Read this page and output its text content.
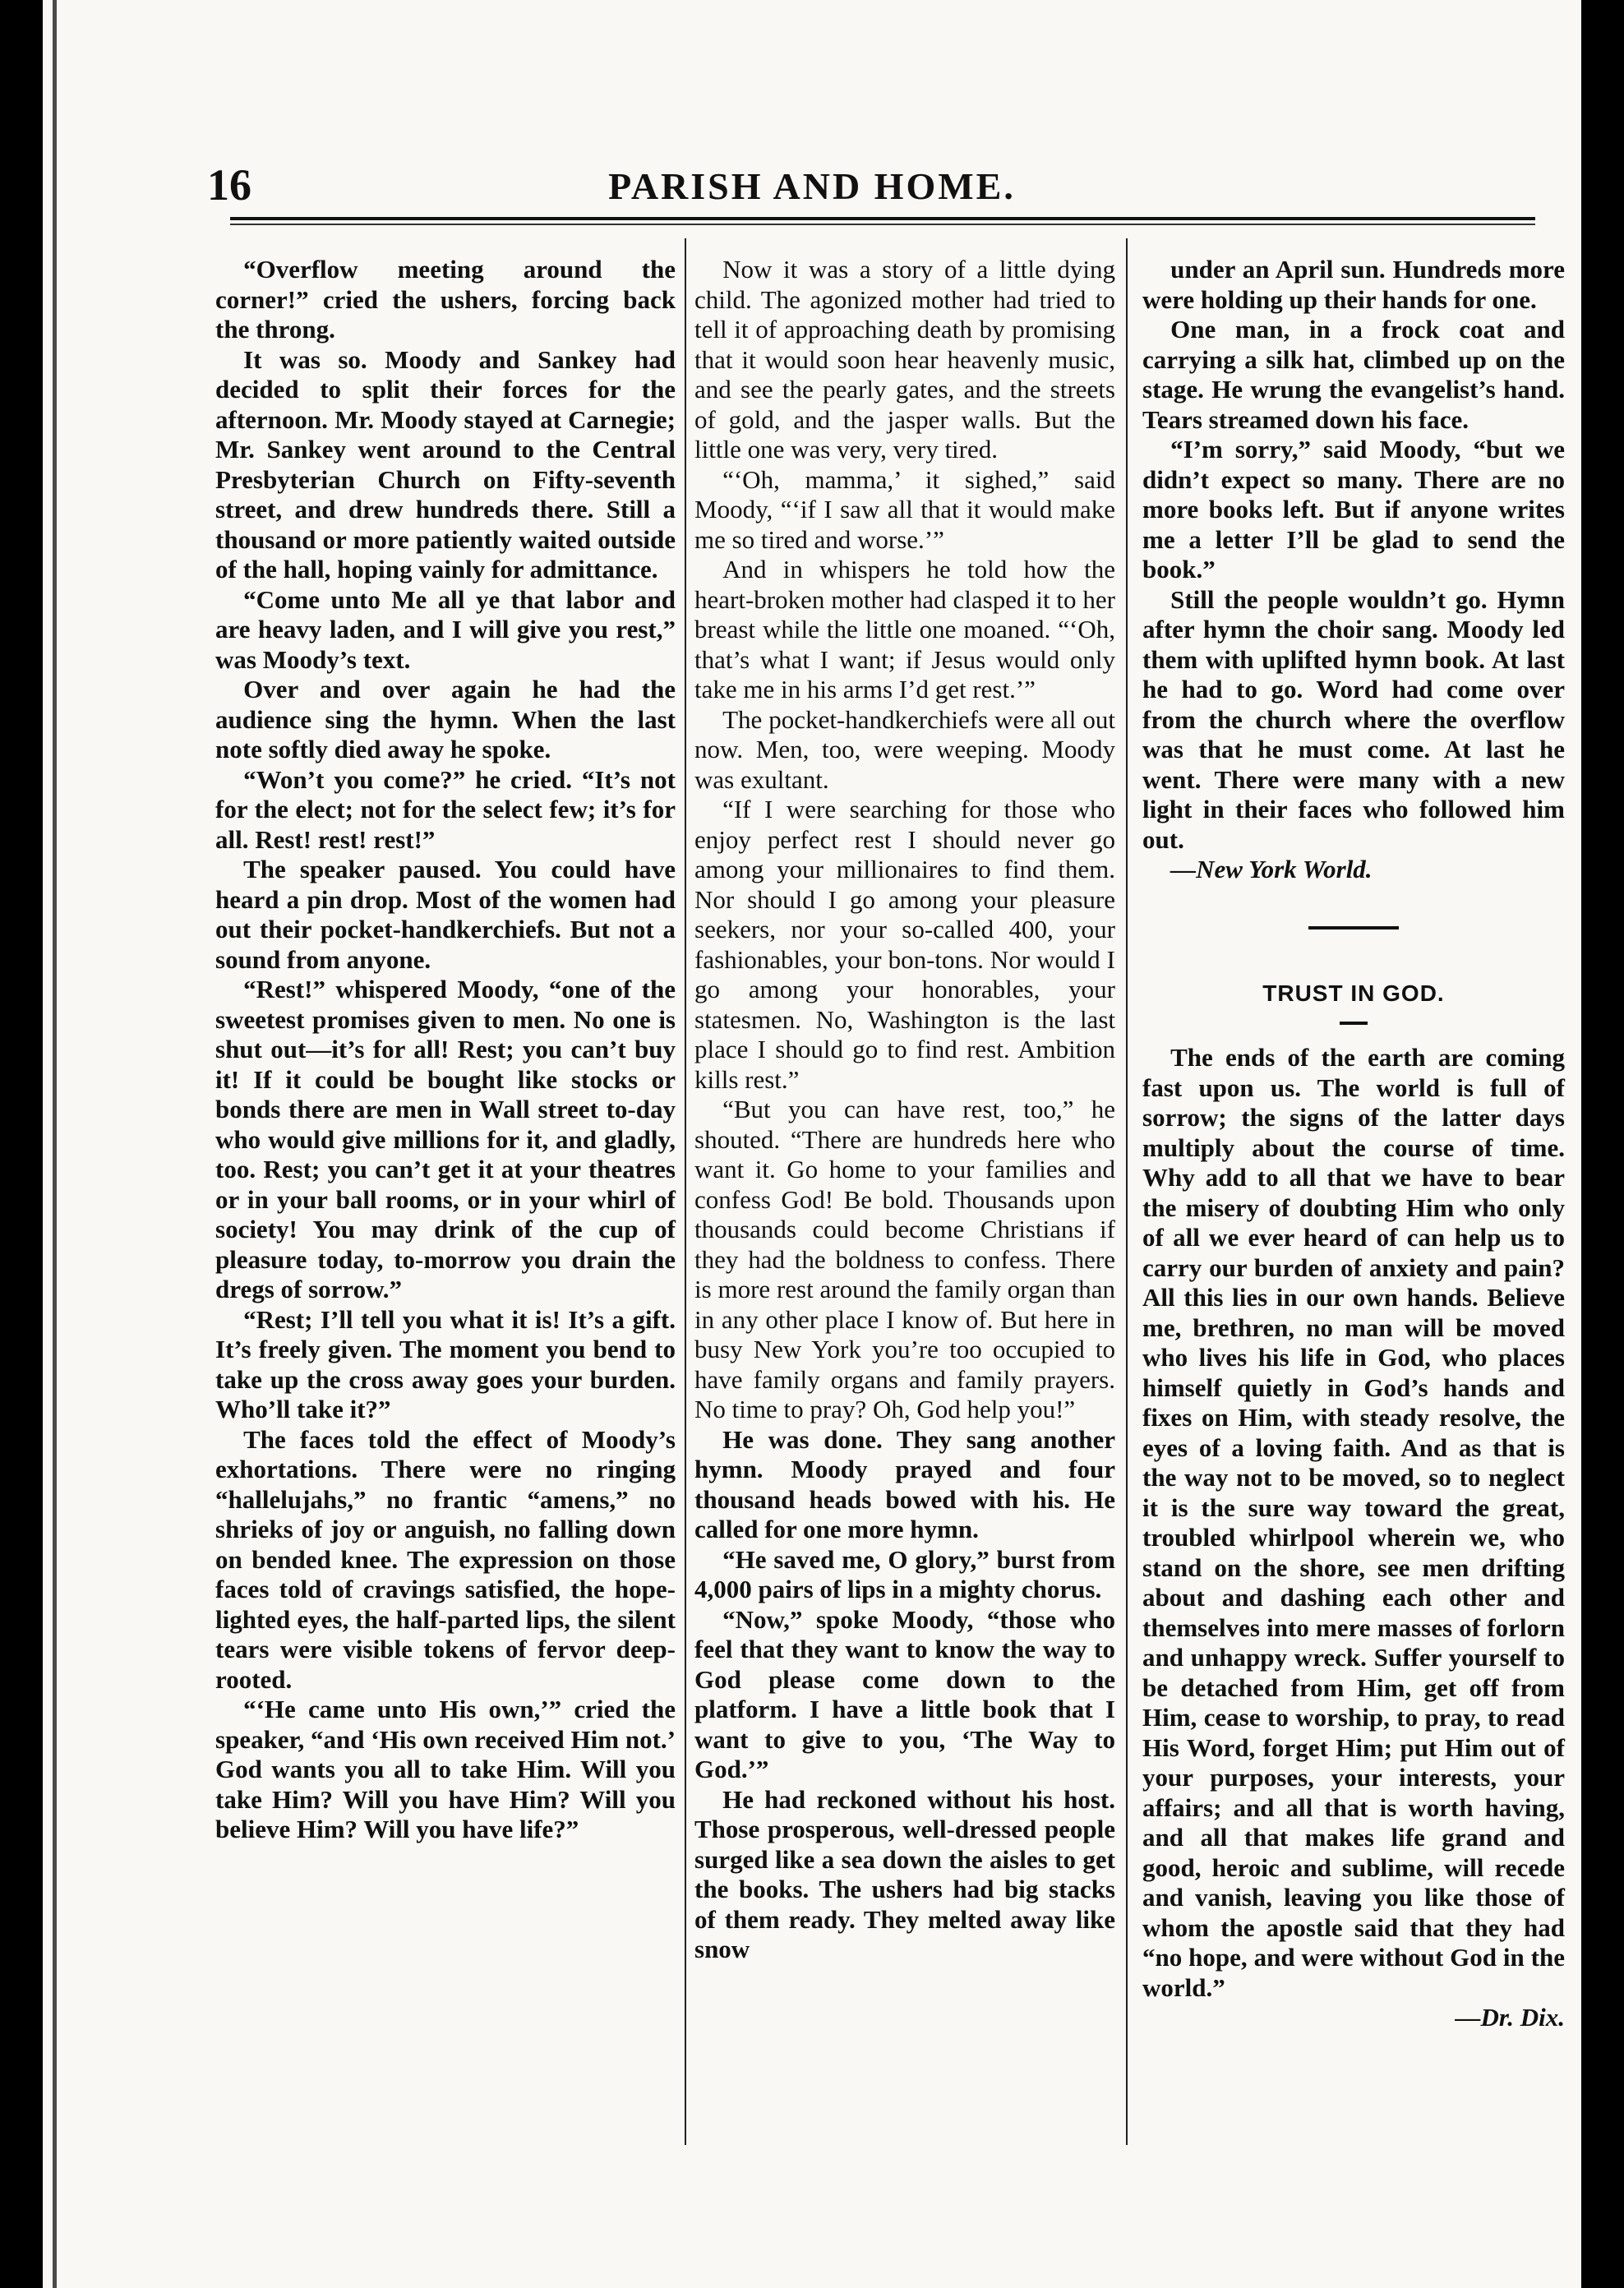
16	PARISH AND HOME.

“Overflow meeting around the corner!” cried the ushers, forcing back the throng.

It was so. Moody and Sankey had decided to split their forces for the afternoon. Mr. Moody stayed at Carnegie; Mr. Sankey went around to the Central Presbyterian Church on Fifty-seventh street, and drew hundreds there. Still a thousand or more patiently waited outside of the hall, hoping vainly for admittance.

“Come unto Me all ye that labor and are heavy laden, and I will give you rest,” was Moody’s text.

Over and over again he had the audience sing the hymn. When the last note softly died away he spoke.

“Won’t you come?” he cried. “It’s not for the elect; not for the select few; it’s for all. Rest! rest! rest!”

The speaker paused. You could have heard a pin drop. Most of the women had out their pocket-handkerchiefs. But not a sound from anyone.

“Rest!” whispered Moody, “one of the sweetest promises given to men. No one is shut out—it’s for all! Rest; you can’t buy it! If it could be bought like stocks or bonds there are men in Wall street to-day who would give millions for it, and gladly, too. Rest; you can’t get it at your theatres or in your ball rooms, or in your whirl of society! You may drink of the cup of pleasure today, to-morrow you drain the dregs of sorrow.”

“Rest; I’ll tell you what it is! It’s a gift. It’s freely given. The moment you bend to take up the cross away goes your burden. Who’ll take it?”

The faces told the effect of Moody’s exhortations. There were no ringing “hallelujahs,” no frantic “amens,” no shrieks of joy or anguish, no falling down on bended knee. The expression on those faces told of cravings satisfied, the hope-lighted eyes, the half-parted lips, the silent tears were visible tokens of fervor deep-rooted.

“‘He came unto His own,’” cried the speaker, “and ‘His own received Him not.’ God wants you all to take Him. Will you take Him? Will you have Him? Will you believe Him? Will you have life?”

Now it was a story of a little dying child. The agonized mother had tried to tell it of approaching death by promising that it would soon hear heavenly music, and see the pearly gates, and the streets of gold, and the jasper walls. But the little one was very, very tired.

“‘Oh, mamma,’ it sighed,” said Moody, “‘if I saw all that it would make me so tired and worse.’”

And in whispers he told how the heart-broken mother had clasped it to her breast while the little one moaned. “‘Oh, that’s what I want; if Jesus would only take me in his arms I’d get rest.’”

The pocket-handkerchiefs were all out now. Men, too, were weeping. Moody was exultant.

“If I were searching for those who enjoy perfect rest I should never go among your millionaires to find them. Nor should I go among your pleasure seekers, nor your so-called 400, your fashionables, your bon-tons. Nor would I go among your honorables, your statesmen. No, Washington is the last place I should go to find rest. Ambition kills rest.”

“But you can have rest, too,” he shouted. “There are hundreds here who want it. Go home to your families and confess God! Be bold. Thousands upon thousands could become Christians if they had the boldness to confess. There is more rest around the family organ than in any other place I know of. But here in busy New York you’re too occupied to have family organs and family prayers. No time to pray? Oh, God help you!”

He was done. They sang another hymn. Moody prayed and four thousand heads bowed with his. He called for one more hymn.

“He saved me, O glory,” burst from 4,000 pairs of lips in a mighty chorus.

“Now,” spoke Moody, “those who feel that they want to know the way to God please come down to the platform. I have a little book that I want to give to you, ‘The Way to God.’”

He had reckoned without his host. Those prosperous, well-dressed people surged like a sea down the aisles to get the books. The ushers had big stacks of them ready. They melted away like snow

under an April sun. Hundreds more were holding up their hands for one.

One man, in a frock coat and carrying a silk hat, climbed up on the stage. He wrung the evangelist’s hand. Tears streamed down his face.

“I’m sorry,” said Moody, “but we didn’t expect so many. There are no more books left. But if anyone writes me a letter I’ll be glad to send the book.”

Still the people wouldn’t go. Hymn after hymn the choir sang. Moody led them with uplifted hymn book. At last he had to go. Word had come over from the church where the overflow was that he must come. At last he went. There were many with a new light in their faces who followed him out.

—New York World.

TRUST IN GOD.

The ends of the earth are coming fast upon us. The world is full of sorrow; the signs of the latter days multiply about the course of time. Why add to all that we have to bear the misery of doubting Him who only of all we ever heard of can help us to carry our burden of anxiety and pain? All this lies in our own hands. Believe me, brethren, no man will be moved who lives his life in God, who places himself quietly in God’s hands and fixes on Him, with steady resolve, the eyes of a loving faith. And as that is the way not to be moved, so to neglect it is the sure way toward the great, troubled whirlpool wherein we, who stand on the shore, see men drifting about and dashing each other and themselves into mere masses of forlorn and unhappy wreck. Suffer yourself to be detached from Him, get off from Him, cease to worship, to pray, to read His Word, forget Him; put Him out of your purposes, your interests, your affairs; and all that is worth having, and all that makes life grand and good, heroic and sublime, will recede and vanish, leaving you like those of whom the apostle said that they had “no hope, and were without God in the world.”

—Dr. Dix.
